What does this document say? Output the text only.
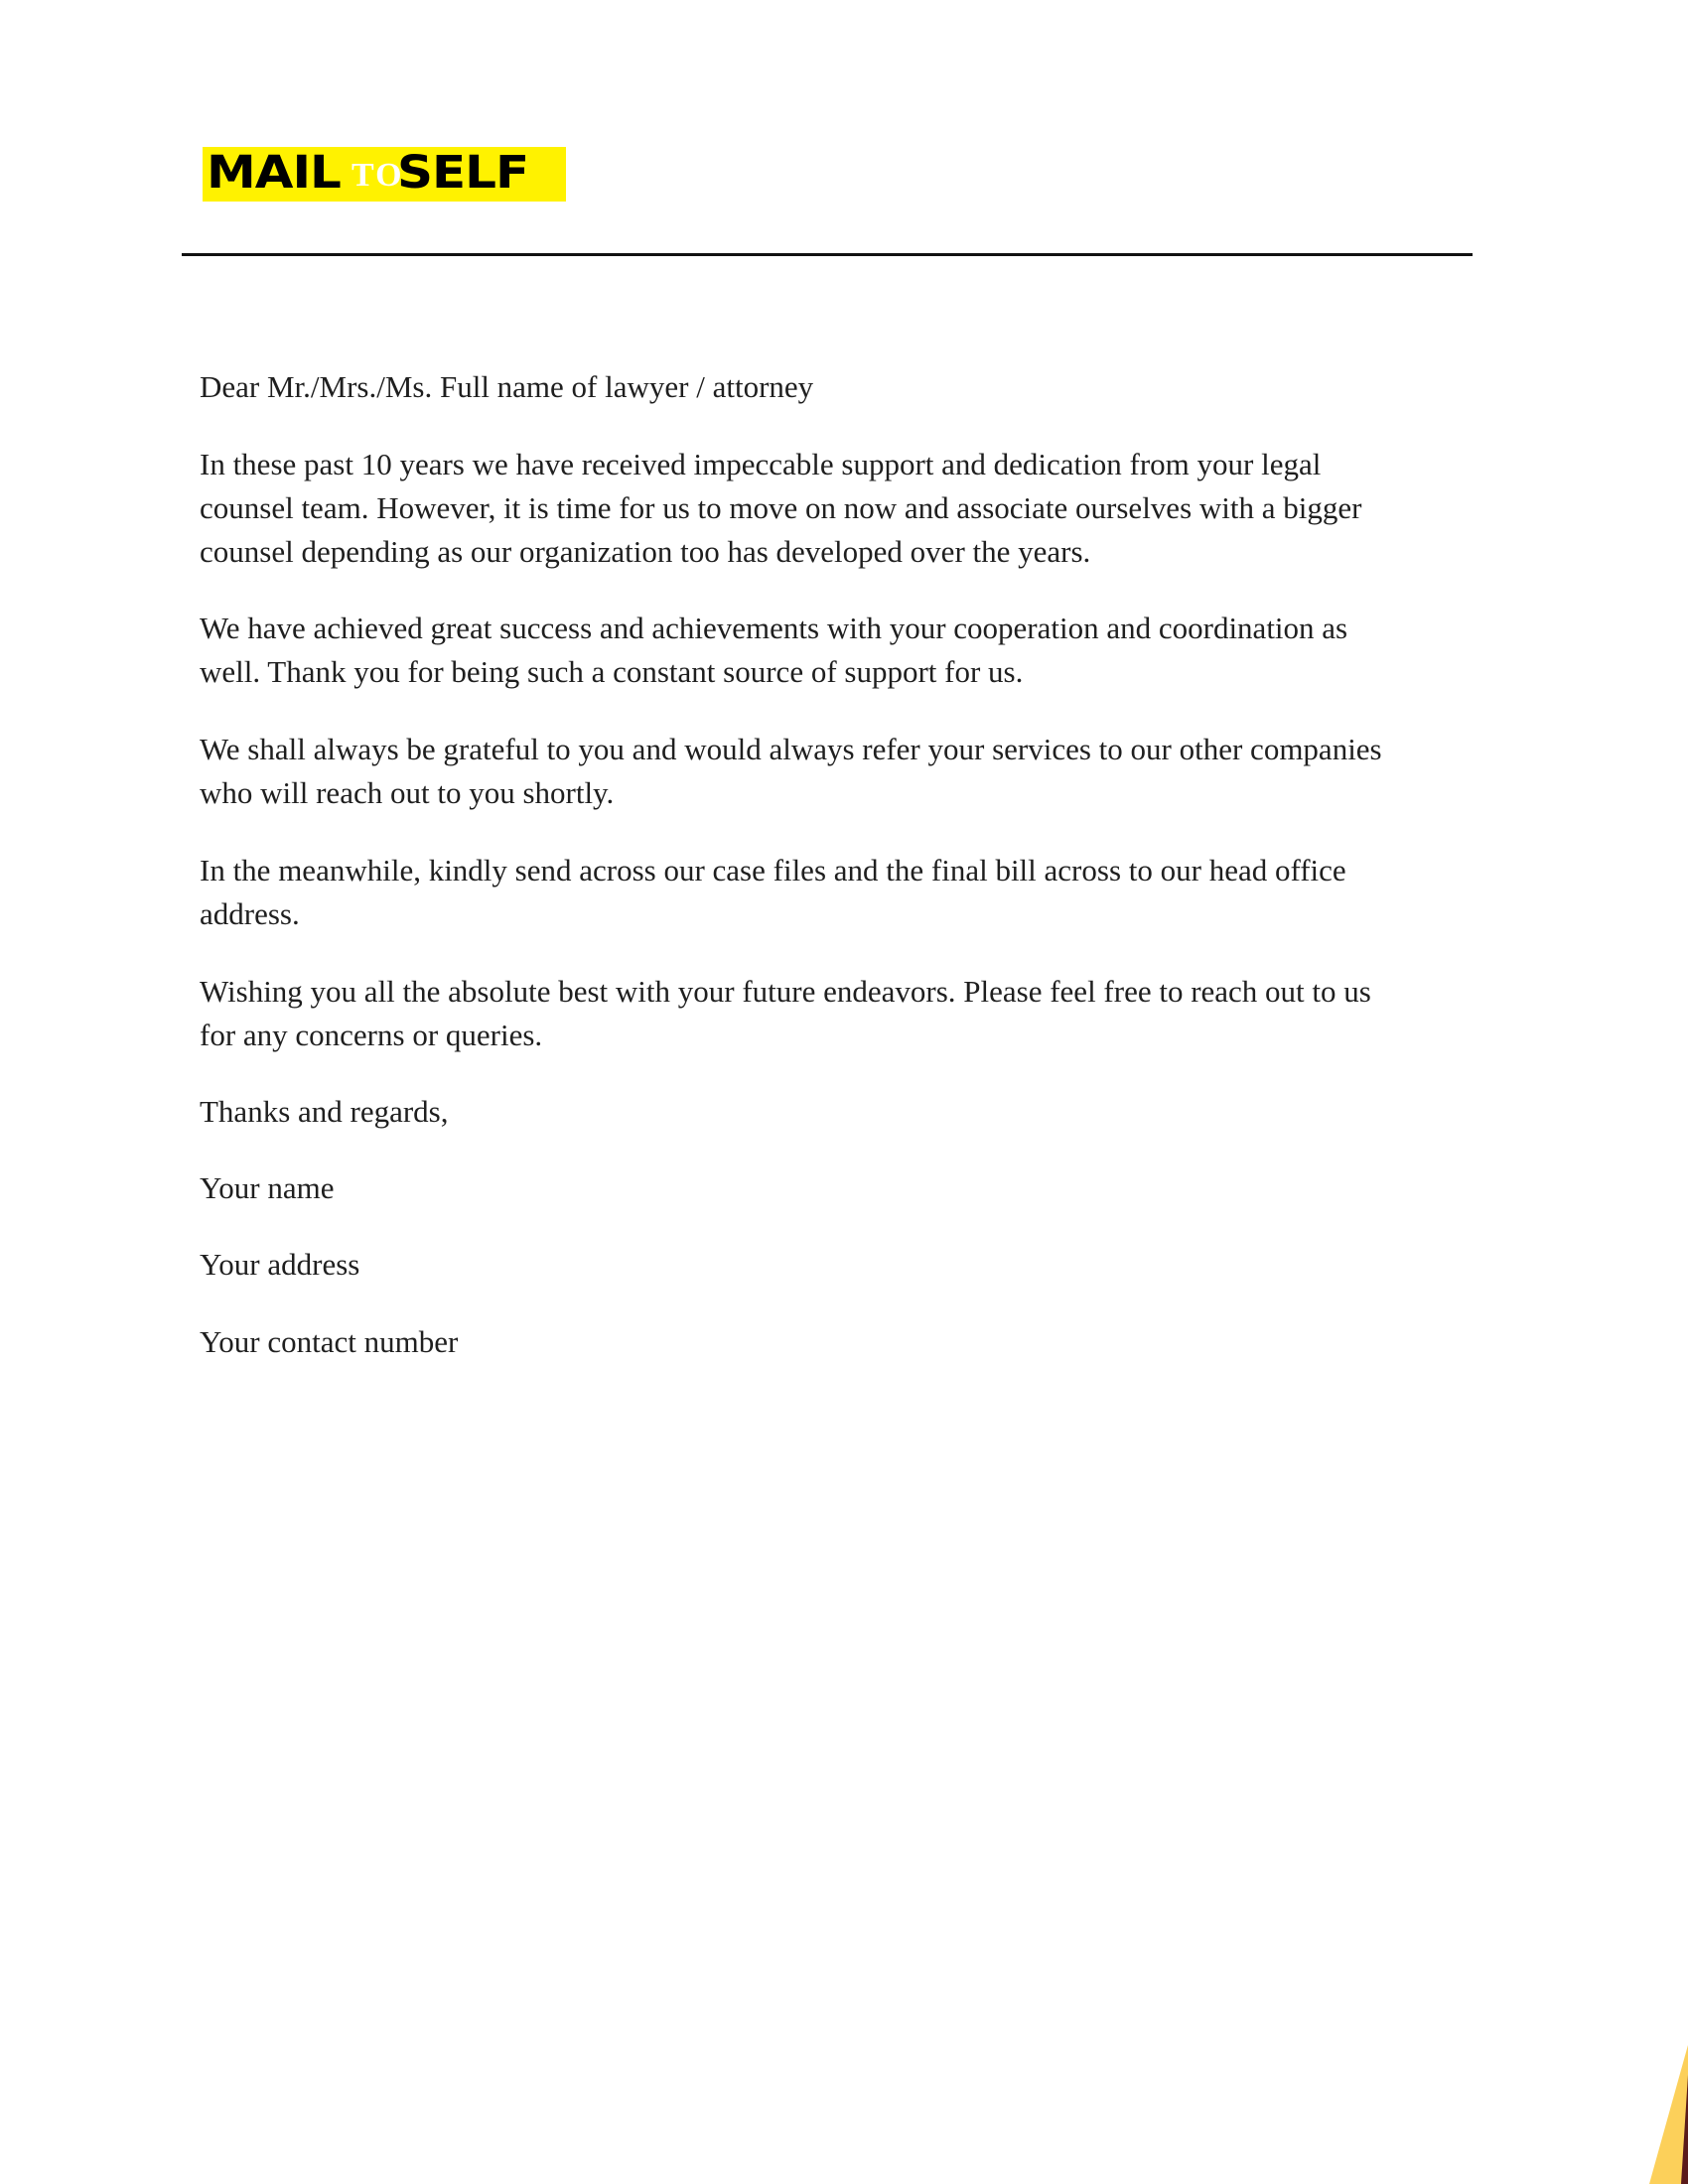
MAIL TO
SELF

Dear Mr./Mrs./Ms. Full name of lawyer / attorney

In these past 10 years we have received impeccable support and dedication from your legal

counsel team. However, it is time for us to move on now and associate ourselves with a bigger

counsel depending as our organization too has developed over the years.

We have achieved great success and achievements with your cooperation and coordination as

well. Thank you for being such a constant source of support for us.

We shall always be grateful to you and would always refer your services to our other companies

who will reach out to you shortly.

In the meanwhile, kindly send across our case files and the final bill across to our head office

address.

Wishing you all the absolute best with your future endeavors. Please feel free to reach out to us

for any concerns or queries.

Thanks and regards,

Your name

Your address

Your contact number
